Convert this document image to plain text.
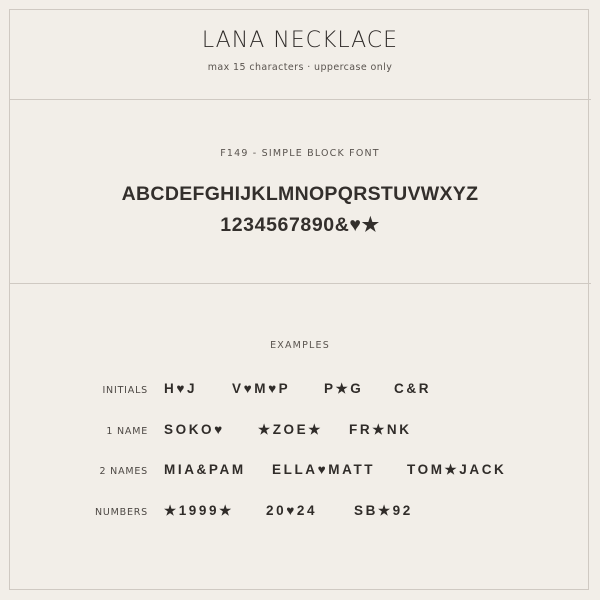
LANA NECKLACE
max 15 characters · uppercase only
F149 - SIMPLE BLOCK FONT
ABCDEFGHIJKLMNOPQRSTUVWXYZ
1234567890&♥★
EXAMPLES
INITIALS H♥J	V♥M♥P P★G C&R
1 NAME SOKO♥ ★ZOE★ FR★NK
2 NAMES MIA&PAM ELLA♥MATT TOM★JACK
NUMBERS ★1999★ 20♥24	SB★92
